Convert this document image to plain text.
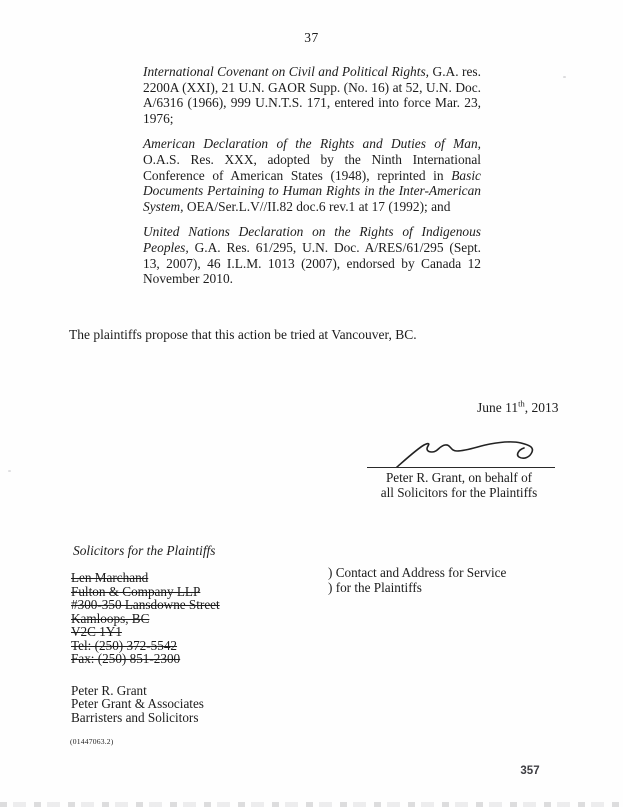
37

International Covenant on Civil and Political Rights, G.A. res. 2200A (XXI), 21 U.N. GAOR Supp. (No. 16) at 52, U.N. Doc. A/6316 (1966), 999 U.N.T.S. 171, entered into force Mar. 23, 1976;

American Declaration of the Rights and Duties of Man, O.A.S. Res. XXX, adopted by the Ninth International Conference of American States (1948), reprinted in Basic Documents Pertaining to Human Rights in the Inter-American System, OEA/Ser.L.V//II.82 doc.6 rev.1 at 17 (1992); and

United Nations Declaration on the Rights of Indigenous Peoples, G.A. Res. 61/295, U.N. Doc. A/RES/61/295 (Sept. 13, 2007), 46 I.L.M. 1013 (2007), endorsed by Canada 12 November 2010.

The plaintiffs propose that this action be tried at Vancouver, BC.
June 11th, 2013
Peter R. Grant, on behalf of
all Solicitors for the Plaintiffs
Solicitors for the Plaintiffs
Len Marchand
Fulton & Company LLP
#300-350 Lansdowne Street
Kamloops, BC
V2C 1Y1
Tel: (250) 372-5542
Fax: (250) 851-2300
) Contact and Address for Service
) for the Plaintiffs
Peter R. Grant
Peter Grant & Associates
Barristers and Solicitors
(01447063.2)
357
